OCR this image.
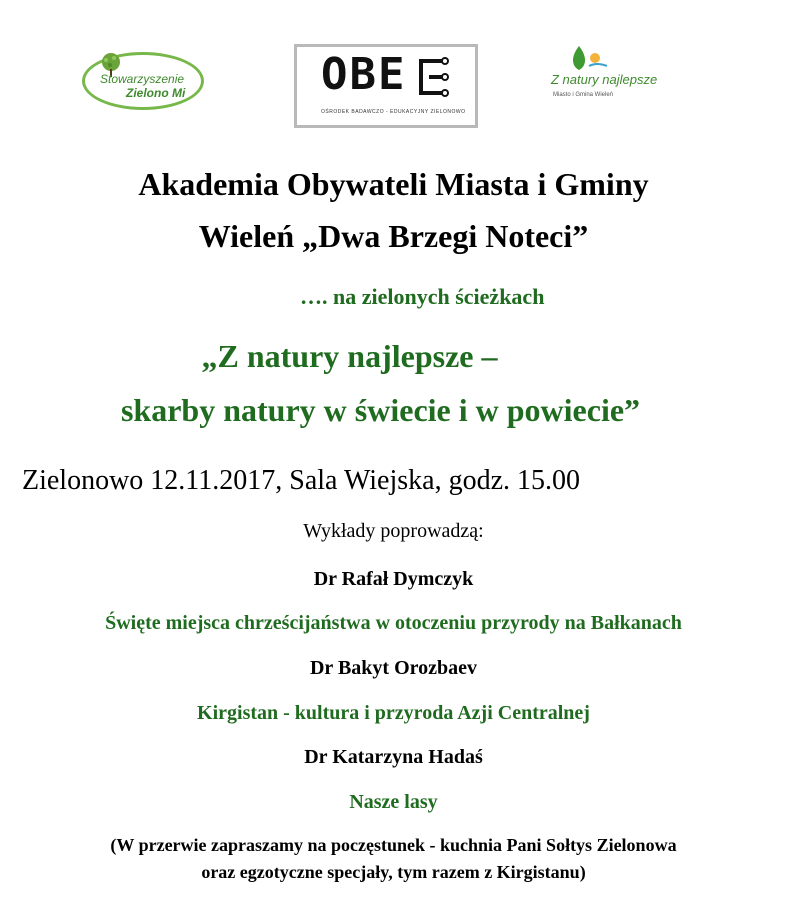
Stowarzyszenie
Zielono Mi	OBE
OŚRODEK BADAWCZO - EDUKACYJNY ZIELONOWO
Z natury najlepsze
Miasto i Gmina Wieleń
Akademia Obywateli Miasta i Gminy
Wieleń „Dwa Brzegi Noteci”
…. na zielonych ścieżkach
„Z natury najlepsze –
skarby natury w świecie i w powiecie”
Zielonowo 12.11.2017, Sala Wiejska, godz. 15.00
Wykłady poprowadzą:
Dr Rafał Dymczyk
Święte miejsca chrześcijaństwa w otoczeniu przyrody na Bałkanach
Dr Bakyt Orozbaev
Kirgistan - kultura i przyroda Azji Centralnej
Dr Katarzyna Hadaś
Nasze lasy
(W przerwie zapraszamy na poczęstunek - kuchnia Pani Sołtys Zielonowa
oraz egzotyczne specjały, tym razem z Kirgistanu)
